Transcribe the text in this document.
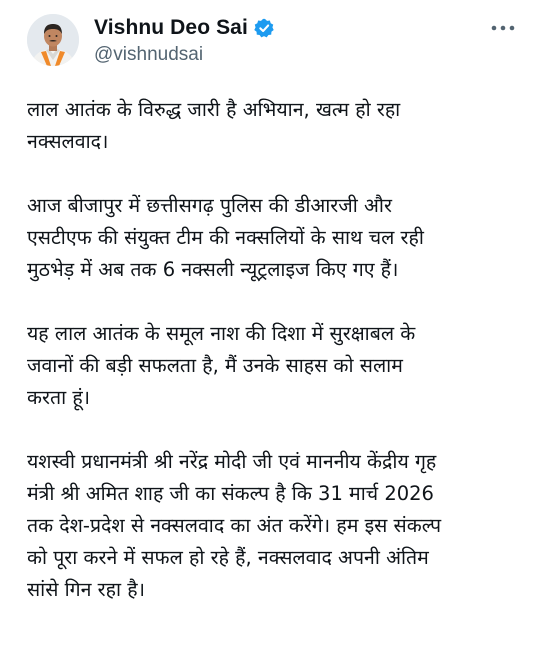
Vishnu Deo Sai
@vishnudsai

लाल आतंक के विरुद्ध जारी है अभियान, खत्म हो रहा
नक्सलवाद।

आज बीजापुर में छत्तीसगढ़ पुलिस की डीआरजी और
एसटीएफ की संयुक्त टीम की नक्सलियों के साथ चल रही
मुठभेड़ में अब तक 6 नक्सली न्यूट्रलाइज किए गए हैं।

यह लाल आतंक के समूल नाश की दिशा में सुरक्षाबल के
जवानों की बड़ी सफलता है, मैं उनके साहस को सलाम
करता हूं।

यशस्वी प्रधानमंत्री श्री नरेंद्र मोदी जी एवं माननीय केंद्रीय गृह
मंत्री श्री अमित शाह जी का संकल्प है कि 31 मार्च 2026
तक देश-प्रदेश से नक्सलवाद का अंत करेंगे। हम इस संकल्प
को पूरा करने में सफल हो रहे हैं, नक्सलवाद अपनी अंतिम
सांसे गिन रहा है।
